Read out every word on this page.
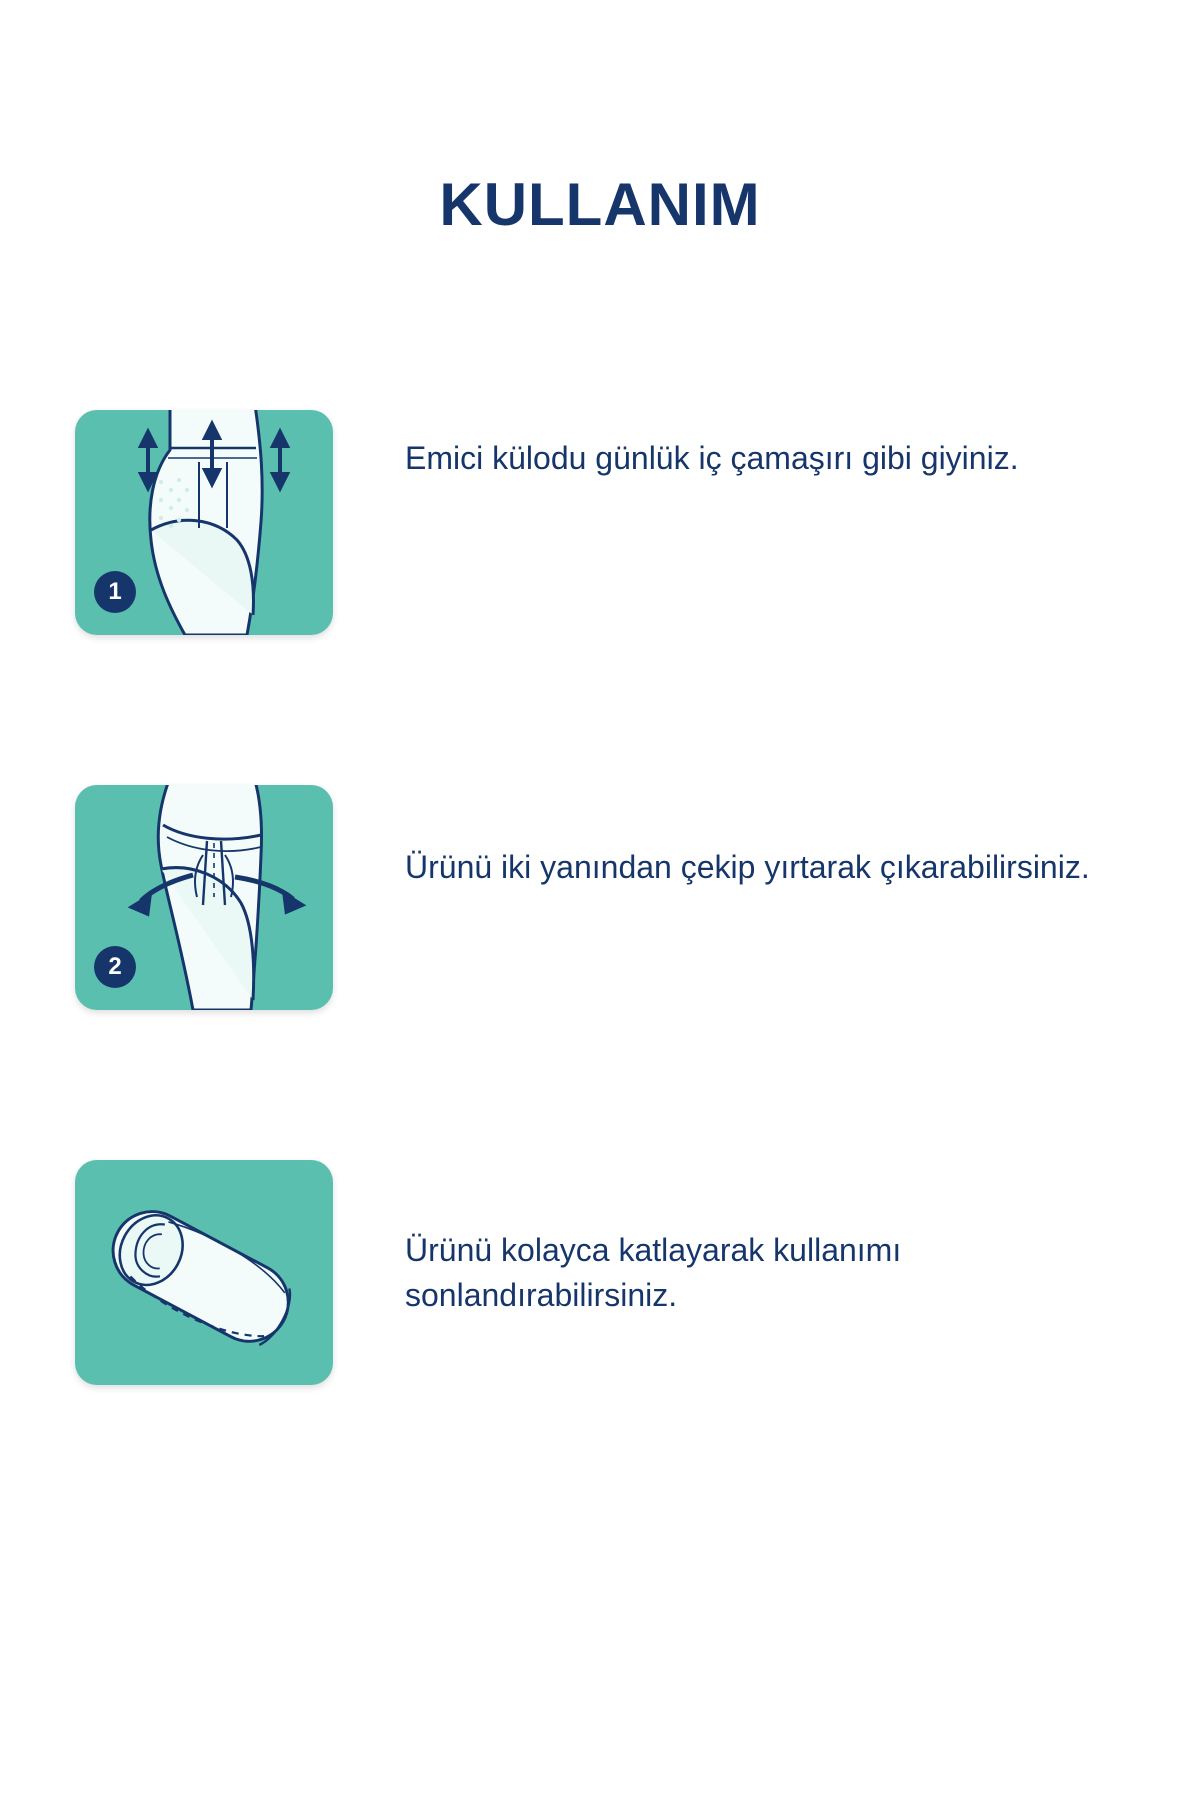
KULLANIM
1
Emici külodu günlük iç çamaşırı gibi giyiniz.
2
Ürünü iki yanından çekip yırtarak çıkarabilirsiniz.
Ürünü kolayca katlayarak kullanımı sonlandırabilirsiniz.
